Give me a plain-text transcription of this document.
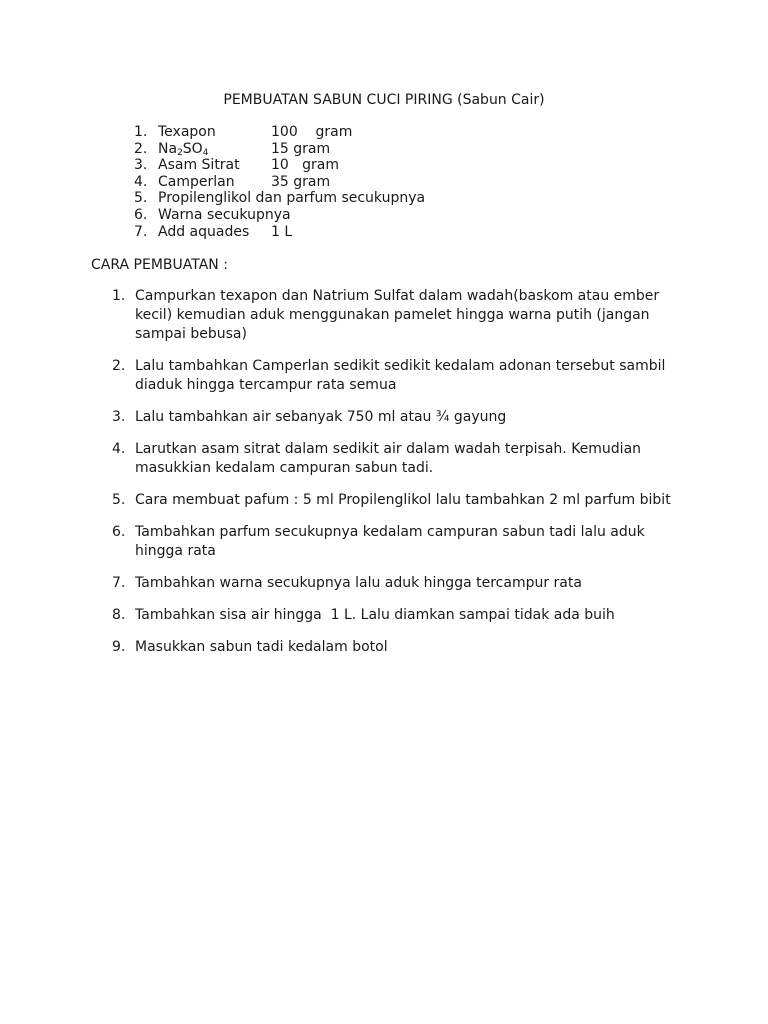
PEMBUATAN SABUN CUCI PIRING (Sabun Cair)
1. Texapon	100    gram
2. $Na_2SO_4$	15 gram
3. Asam Sitrat	10   gram
4. Camperlan	35 gram
5. Propilenglikol dan parfum secukupnya
6. Warna secukupnya
7. Add aquades	1 L

CARA PEMBUATAN :

1. Campurkan texapon dan Natrium Sulfat dalam wadah(baskom atau ember kecil) kemudian aduk menggunakan pamelet hingga warna putih (jangan sampai bebusa)
2. Lalu tambahkan Camperlan sedikit sedikit kedalam adonan tersebut sambil diaduk hingga tercampur rata semua
3. Lalu tambahkan air sebanyak 750 ml atau ¾ gayung
4. Larutkan asam sitrat dalam sedikit air dalam wadah terpisah. Kemudian masukkian kedalam campuran sabun tadi.
5. Cara membuat pafum : 5 ml Propilenglikol lalu tambahkan 2 ml parfum bibit
6. Tambahkan parfum secukupnya kedalam campuran sabun tadi lalu aduk hingga rata
7. Tambahkan warna secukupnya lalu aduk hingga tercampur rata
8. Tambahkan sisa air hingga  1 L. Lalu diamkan sampai tidak ada buih
9. Masukkan sabun tadi kedalam botol
